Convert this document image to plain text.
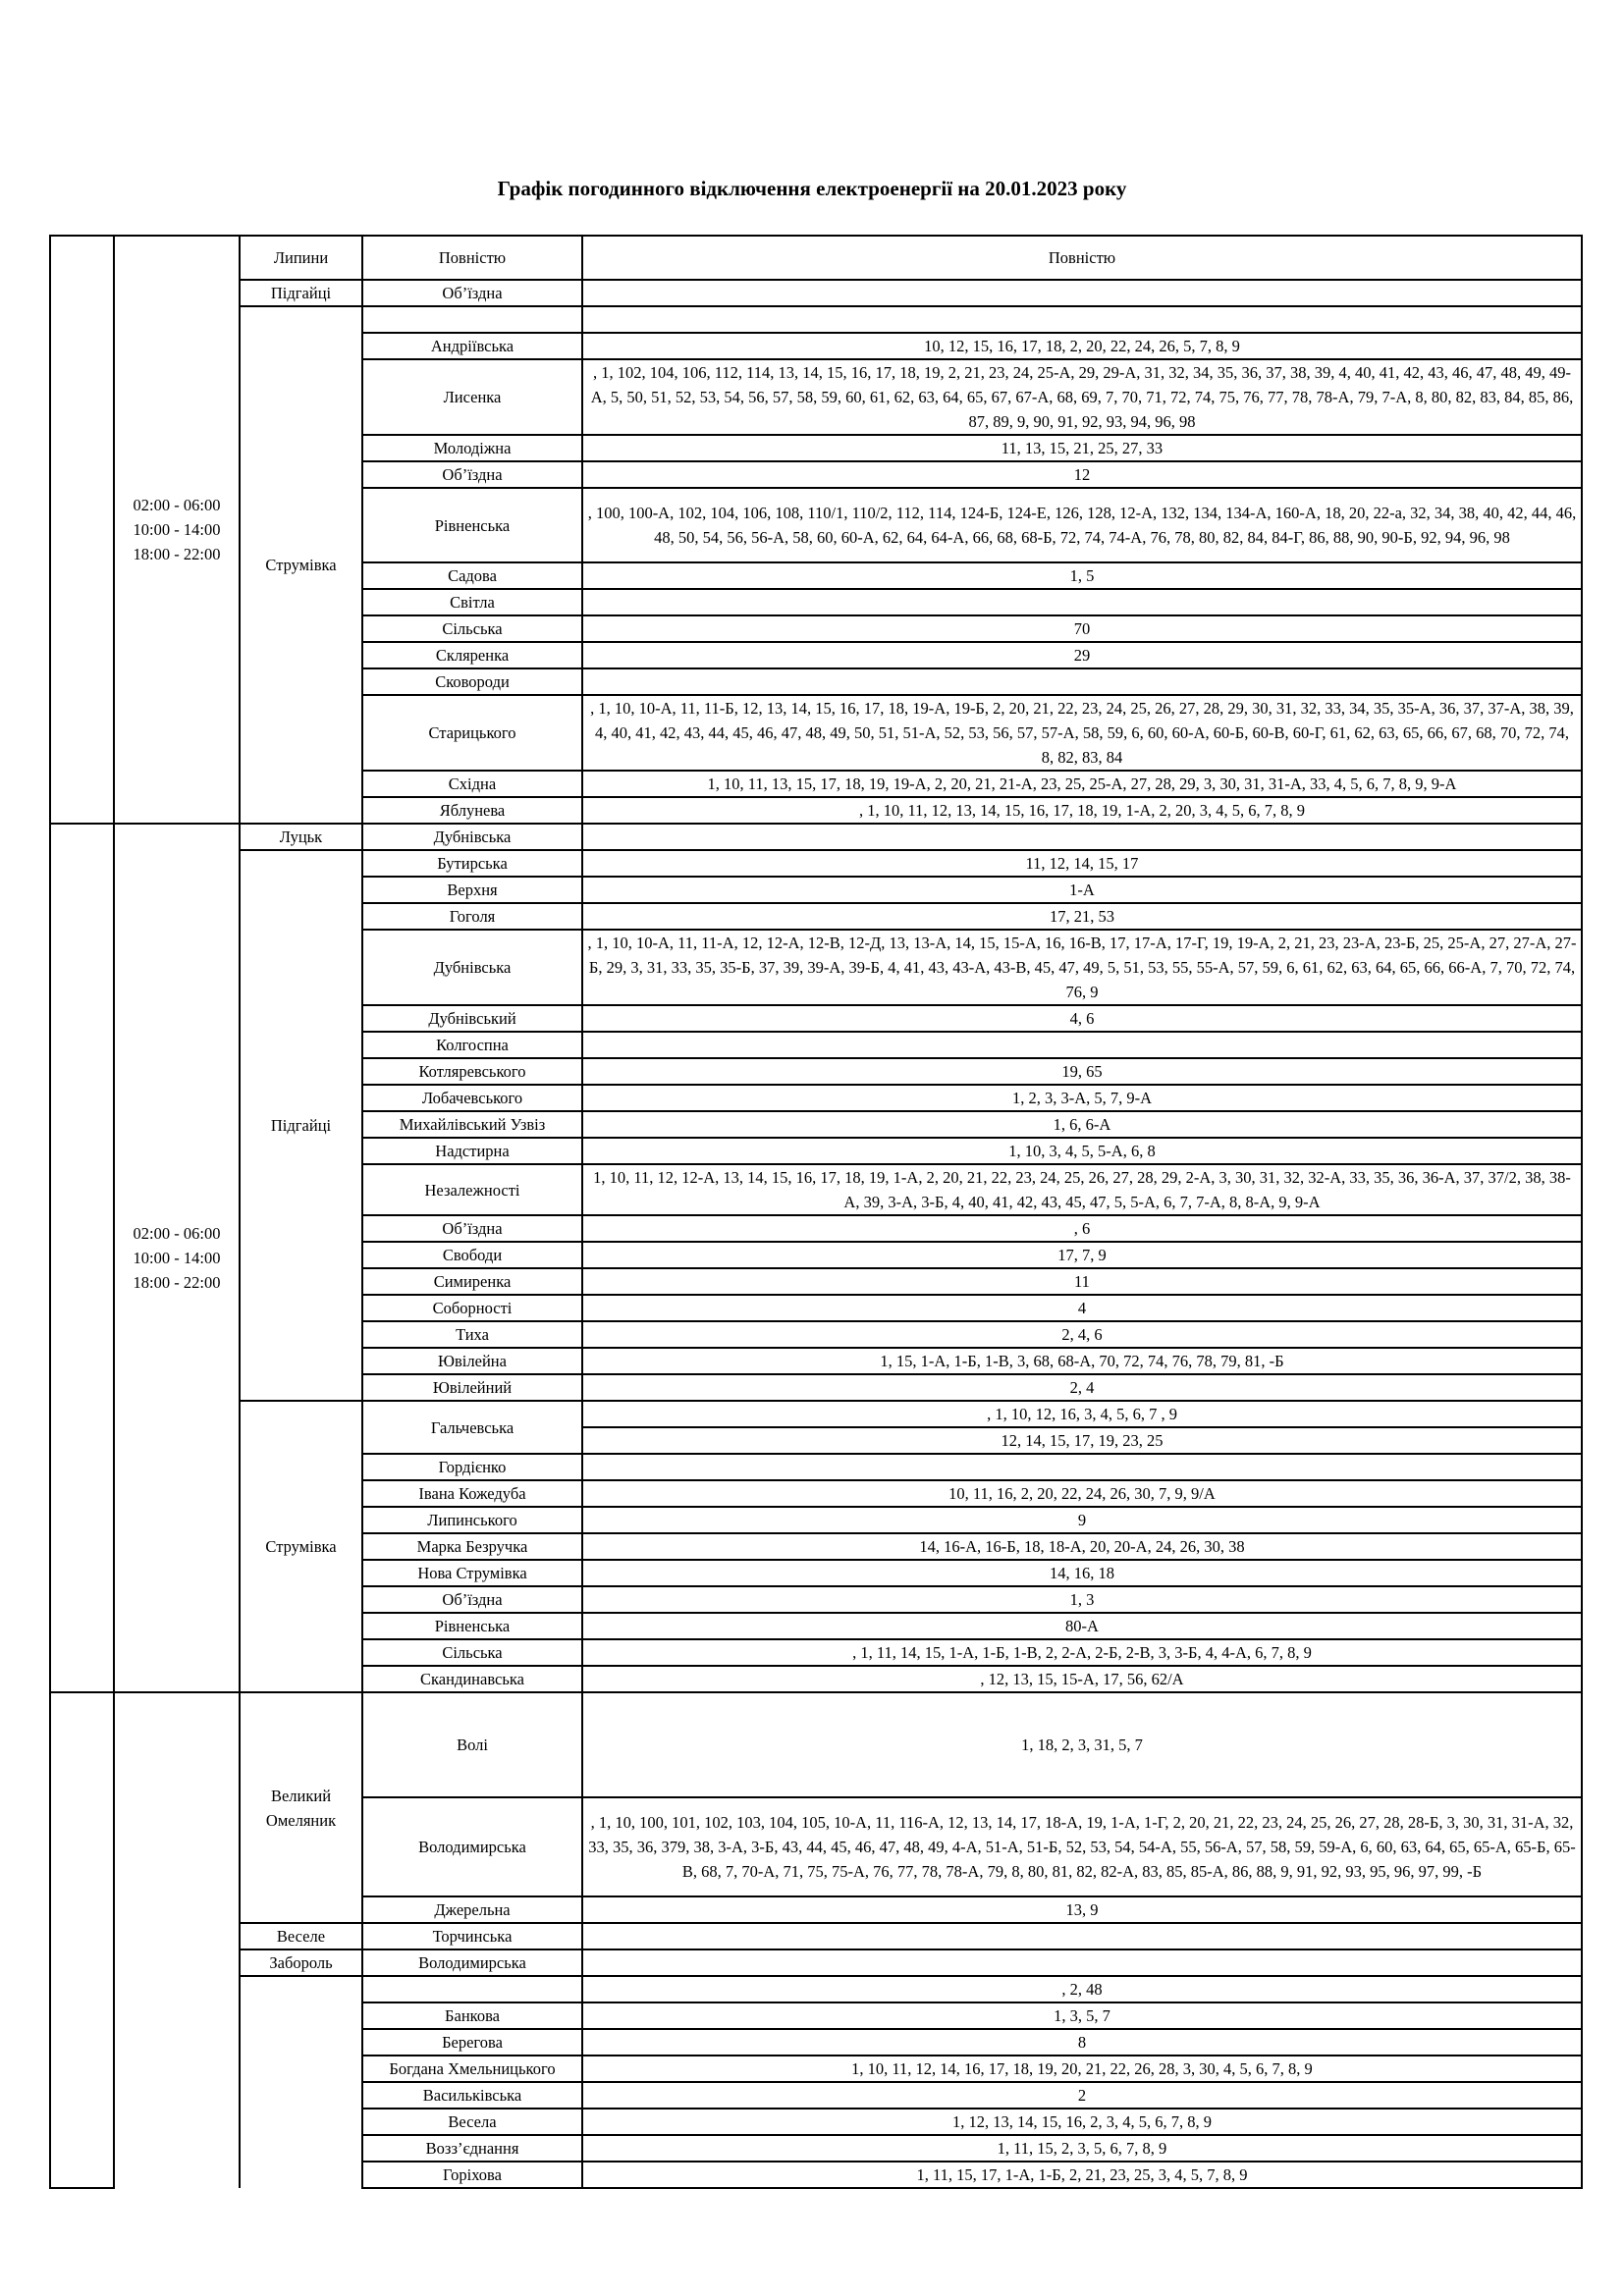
Графік погодинного відключення електроенергії на 20.01.2023 року
	02:00 - 06:00
10:00 - 14:00
18:00 - 22:00	Липини	Повністю	Повністю
		Підгайці	Об’їздна	
		Струмівка		
			Андріївська	10, 12, 15, 16, 17, 18, 2, 20, 22, 24, 26, 5, 7, 8, 9
			Лисенка	, 1, 102, 104, 106, 112, 114, 13, 14, 15, 16, 17, 18, 19, 2, 21, 23, 24, 25-А, 29, 29-А, 31, 32, 34, 35, 36, 37, 38, 39, 4, 40, 41, 42, 43, 46, 47, 48, 49, 49-А, 5, 50, 51, 52, 53, 54, 56, 57, 58, 59, 60, 61, 62, 63, 64, 65, 67, 67-А, 68, 69, 7, 70, 71, 72, 74, 75, 76, 77, 78, 78-А, 79, 7-А, 8, 80, 82, 83, 84, 85, 86, 87, 89, 9, 90, 91, 92, 93, 94, 96, 98
			Молодіжна	11, 13, 15, 21, 25, 27, 33
			Об’їздна	12
			Рівненська	, 100, 100-А, 102, 104, 106, 108, 110/1, 110/2, 112, 114, 124-Б, 124-Е, 126, 128, 12-А, 132, 134, 134-А, 160-А, 18, 20, 22-а, 32, 34, 38, 40, 42, 44, 46, 48, 50, 54, 56, 56-А, 58, 60, 60-А, 62, 64, 64-А, 66, 68, 68-Б, 72, 74, 74-А, 76, 78, 80, 82, 84, 84-Г, 86, 88, 90, 90-Б, 92, 94, 96, 98
			Садова	1, 5
			Світла	
			Сільська	70
			Скляренка	29
			Сковороди	
			Старицького	, 1, 10, 10-А, 11, 11-Б, 12, 13, 14, 15, 16, 17, 18, 19-А, 19-Б, 2, 20, 21, 22, 23, 24, 25, 26, 27, 28, 29, 30, 31, 32, 33, 34, 35, 35-А, 36, 37, 37-А, 38, 39, 4, 40, 41, 42, 43, 44, 45, 46, 47, 48, 49, 50, 51, 51-А, 52, 53, 56, 57, 57-А, 58, 59, 6, 60, 60-А, 60-Б, 60-В, 60-Г, 61, 62, 63, 65, 66, 67, 68, 70, 72, 74, 8, 82, 83, 84
			Східна	1, 10, 11, 13, 15, 17, 18, 19, 19-А, 2, 20, 21, 21-А, 23, 25, 25-А, 27, 28, 29, 3, 30, 31, 31-А, 33, 4, 5, 6, 7, 8, 9, 9-А
			Яблунева	, 1, 10, 11, 12, 13, 14, 15, 16, 17, 18, 19, 1-А, 2, 20, 3, 4, 5, 6, 7, 8, 9
	02:00 - 06:00
10:00 - 14:00
18:00 - 22:00	Луцьк	Дубнівська	
		Підгайці	Бутирська	11, 12, 14, 15, 17
			Верхня	1-А
			Гоголя	17, 21, 53
			Дубнівська	, 1, 10, 10-А, 11, 11-А, 12, 12-А, 12-В, 12-Д, 13, 13-А, 14, 15, 15-А, 16, 16-В, 17, 17-А, 17-Г, 19, 19-А, 2, 21, 23, 23-А, 23-Б, 25, 25-А, 27, 27-А, 27-Б, 29, 3, 31, 33, 35, 35-Б, 37, 39, 39-А, 39-Б, 4, 41, 43, 43-А, 43-В, 45, 47, 49, 5, 51, 53, 55, 55-А, 57, 59, 6, 61, 62, 63, 64, 65, 66, 66-А, 7, 70, 72, 74, 76, 9
			Дубнівський	4, 6
			Колгоспна	
			Котляревського	19, 65
			Лобачевського	1, 2, 3, 3-А, 5, 7, 9-А
			Михайлівський Узвіз	1, 6, 6-А
			Надстирна	1, 10, 3, 4, 5, 5-А, 6, 8
			Незалежності	1, 10, 11, 12, 12-А, 13, 14, 15, 16, 17, 18, 19, 1-А, 2, 20, 21, 22, 23, 24, 25, 26, 27, 28, 29, 2-А, 3, 30, 31, 32, 32-А, 33, 35, 36, 36-А, 37, 37/2, 38, 38-А, 39, 3-А, 3-Б, 4, 40, 41, 42, 43, 45, 47, 5, 5-А, 6, 7, 7-А, 8, 8-А, 9, 9-А
			Об’їздна	, 6
			Свободи	17, 7, 9
			Симиренка	11
			Соборності	4
			Тиха	2, 4, 6
			Ювілейна	1, 15, 1-А, 1-Б, 1-В, 3, 68, 68-А, 70, 72, 74, 76, 78, 79, 81, -Б
			Ювілейний	2, 4
		Струмівка	Гальчевська	, 1, 10, 12, 16, 3, 4, 5, 6, 7 , 9
				12, 14, 15, 17, 19, 23, 25
			Гордієнко	
			Івана Кожедуба	10, 11, 16, 2, 20, 22, 24, 26, 30, 7, 9, 9/А
			Липинського	9
			Марка Безручка	14, 16-А, 16-Б, 18, 18-А, 20, 20-А, 24, 26, 30, 38
			Нова Струмівка	14, 16, 18
			Об’їздна	1, 3
			Рівненська	80-А
			Сільська	, 1, 11, 14, 15, 1-А, 1-Б, 1-В, 2, 2-А, 2-Б, 2-В, 3, 3-Б, 4, 4-А, 6, 7, 8, 9
			Скандинавська	, 12, 13, 15, 15-А, 17, 56, 62/А
		Великий Омеляник	Волі	1, 18, 2, 3, 31, 5, 7
			Володимирська	, 1, 10, 100, 101, 102, 103, 104, 105, 10-А, 11, 116-А, 12, 13, 14, 17, 18-А, 19, 1-А, 1-Г, 2, 20, 21, 22, 23, 24, 25, 26, 27, 28, 28-Б, 3, 30, 31, 31-А, 32, 33, 35, 36, 379, 38, 3-А, 3-Б, 43, 44, 45, 46, 47, 48, 49, 4-А, 51-А, 51-Б, 52, 53, 54, 54-А, 55, 56-А, 57, 58, 59, 59-А, 6, 60, 63, 64, 65, 65-А, 65-Б, 65-В, 68, 7, 70-А, 71, 75, 75-А, 76, 77, 78, 78-А, 79, 8, 80, 81, 82, 82-А, 83, 85, 85-А, 86, 88, 9, 91, 92, 93, 95, 96, 97, 99, -Б
			Джерельна	13, 9
		Веселе	Торчинська	
		Забороль	Володимирська	
				, 2, 48
			Банкова	1, 3, 5, 7
			Берегова	8
			Богдана Хмельницького	1, 10, 11, 12, 14, 16, 17, 18, 19, 20, 21, 22, 26, 28, 3, 30, 4, 5, 6, 7, 8, 9
			Васильківська	2
			Весела	1, 12, 13, 14, 15, 16, 2, 3, 4, 5, 6, 7, 8, 9
			Возз’єднання	1, 11, 15, 2, 3, 5, 6, 7, 8, 9
			Горіхова	1, 11, 15, 17, 1-А, 1-Б, 2, 21, 23, 25, 3, 4, 5, 7, 8, 9
